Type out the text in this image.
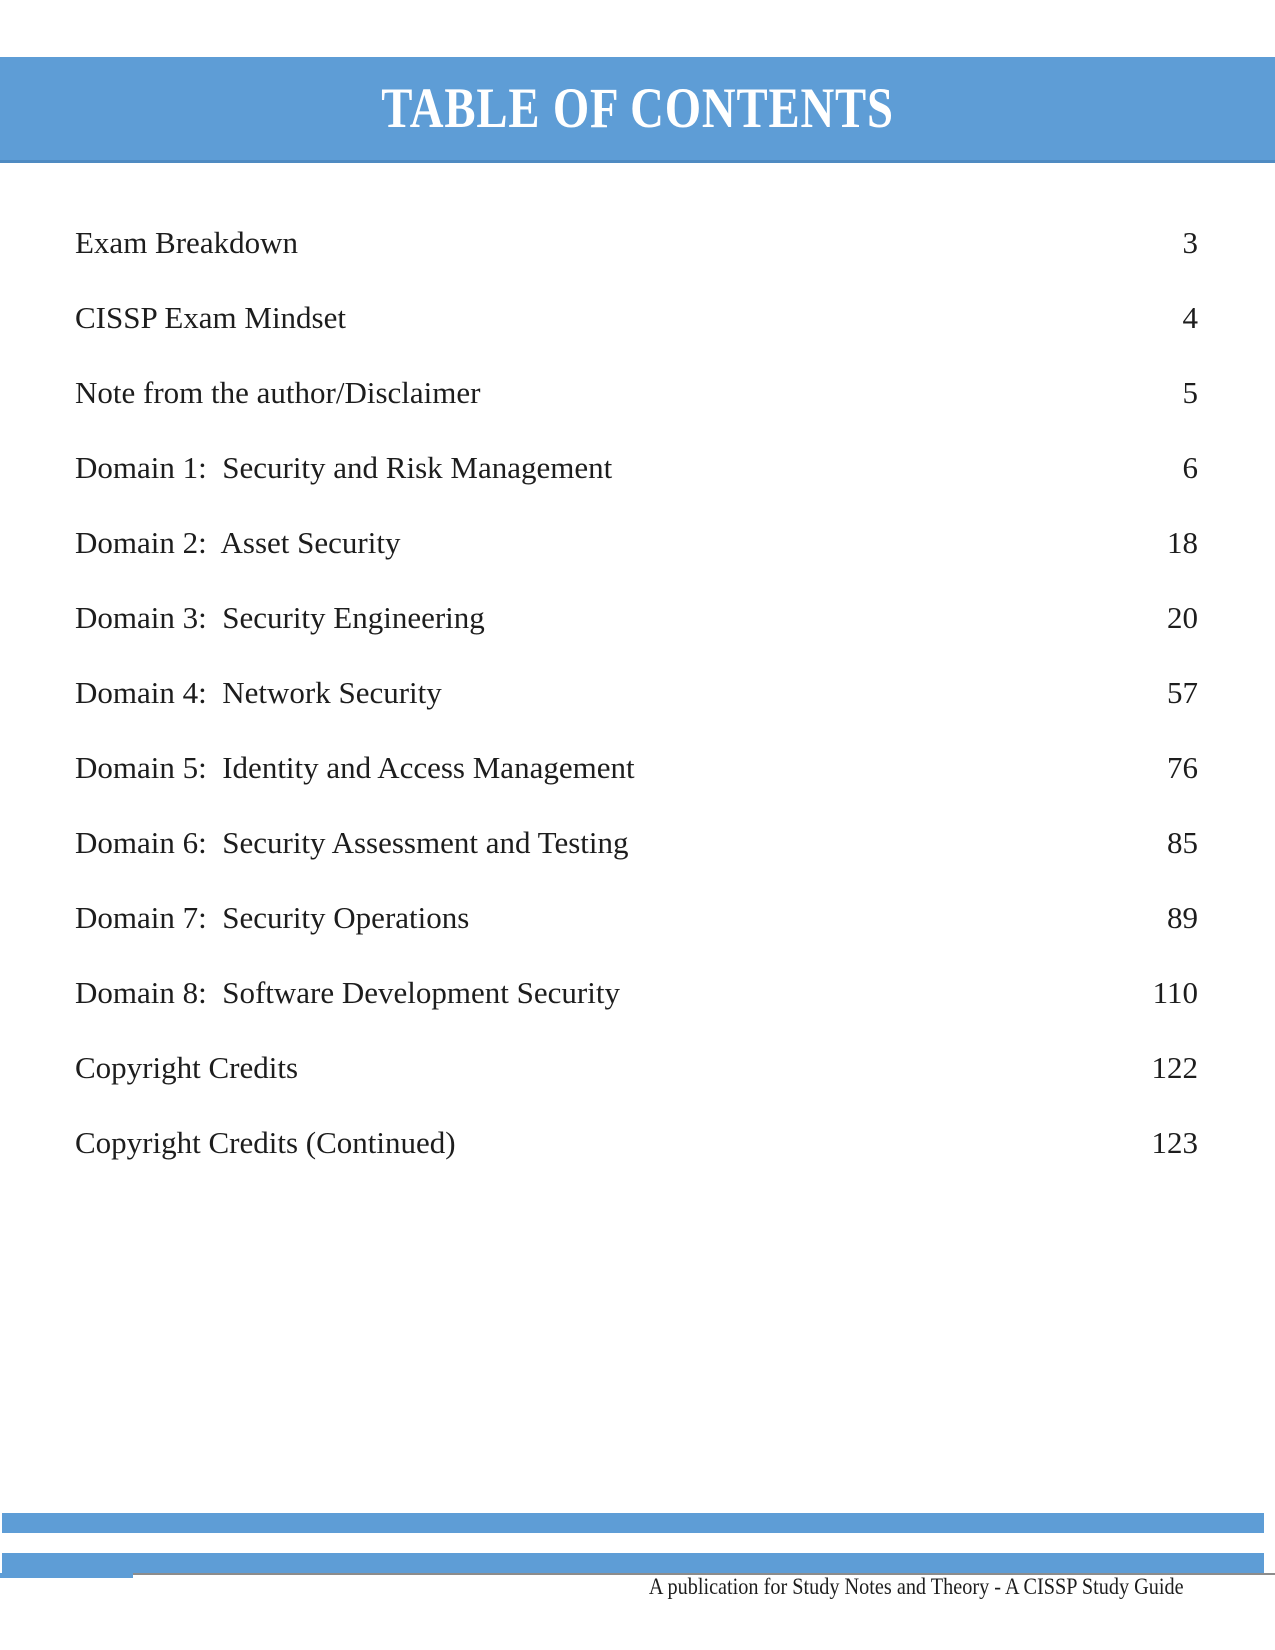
TABLE OF CONTENTS
Exam Breakdown	3
CISSP Exam Mindset	4
Note from the author/Disclaimer	5
Domain 1:  Security and Risk Management	6
Domain 2:  Asset Security	18
Domain 3:  Security Engineering	20
Domain 4:  Network Security	57
Domain 5:  Identity and Access Management	76
Domain 6:  Security Assessment and Testing	85
Domain 7:  Security Operations	89
Domain 8:  Software Development Security	110
Copyright Credits	122
Copyright Credits (Continued)	123
A publication for Study Notes and Theory - A CISSP Study Guide
